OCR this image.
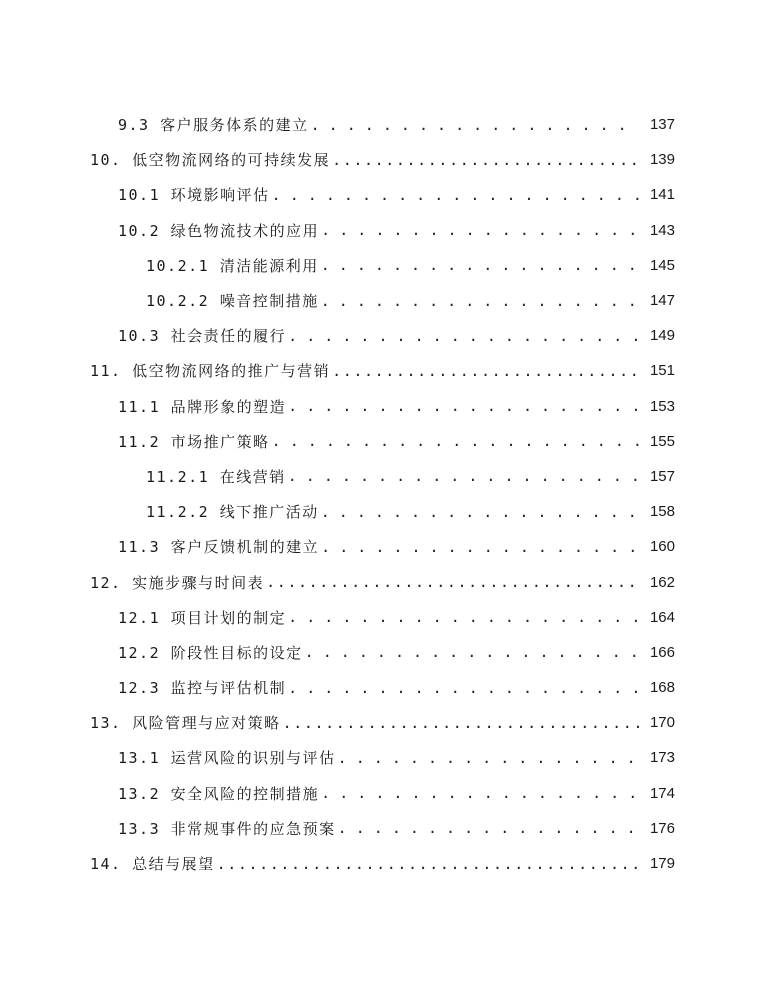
9.3 客户服务体系的建立 . . .	137
10. 低空物流网络的可持续发展 .....	139
10.1 环境影响评估 . . .	141
10.2 绿色物流技术的应用 . . .	143
10.2.1 清洁能源利用 . . .	145
10.2.2 噪音控制措施 . . .	147
10.3 社会责任的履行 . . .	149
11. 低空物流网络的推广与营销 .....	151
11.1 品牌形象的塑造 . . .	153
11.2 市场推广策略 . . .	155
11.2.1 在线营销 . . .	157
11.2.2 线下推广活动 . . .	158
11.3 客户反馈机制的建立 . . .	160
12. 实施步骤与时间表 .....	162
12.1 项目计划的制定 . . .	164
12.2 阶段性目标的设定 . . .	166
12.3 监控与评估机制 . . .	168
13. 风险管理与应对策略 .....	170
13.1 运营风险的识别与评估 . . .	173
13.2 安全风险的控制措施 . . .	174
13.3 非常规事件的应急预案 . . .	176
14. 总结与展望 .....	179
